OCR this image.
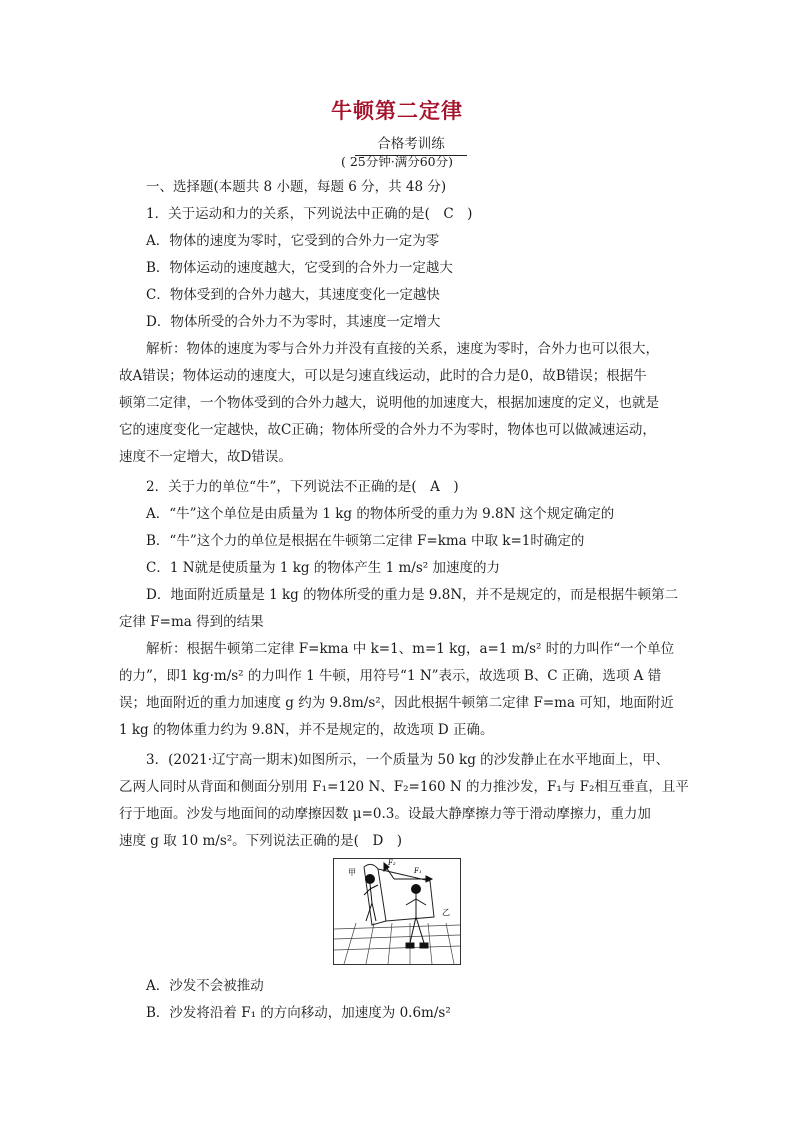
牛顿第二定律
合格考训练
( 25分钟·满分60分)
一、选择题(本题共 8 小题，每题 6 分，共 48 分)
1．关于运动和力的关系，下列说法中正确的是(　C　)
A．物体的速度为零时，它受到的合外力一定为零
B．物体运动的速度越大，它受到的合外力一定越大
C．物体受到的合外力越大，其速度变化一定越快
D．物体所受的合外力不为零时，其速度一定增大
解析：物体的速度为零与合外力并没有直接的关系，速度为零时，合外力也可以很大，
故A错误；物体运动的速度大，可以是匀速直线运动，此时的合力是0，故B错误；根据牛
顿第二定律，一个物体受到的合外力越大，说明他的加速度大，根据加速度的定义，也就是
它的速度变化一定越快，故C正确；物体所受的合外力不为零时，物体也可以做减速运动，
速度不一定增大，故D错误。
2．关于力的单位“牛”，下列说法不正确的是(　A　)
A．“牛”这个单位是由质量为 1 kg 的物体所受的重力为 9.8N 这个规定确定的
B．“牛”这个力的单位是根据在牛顿第二定律 F=kma 中取 k=1时确定的
C．1 N就是使质量为 1 kg 的物体产生 1 m/s² 加速度的力
D．地面附近质量是 1 kg 的物体所受的重力是 9.8N，并不是规定的，而是根据牛顿第二
定律 F=ma 得到的结果
解析：根据牛顿第二定律 F=kma 中 k=1、m=1 kg，a=1 m/s² 时的力叫作“一个单位
的力”，即1 kg·m/s² 的力叫作 1 牛顿，用符号“1 N”表示，故选项 B、C 正确，选项 A 错
误；地面附近的重力加速度 g 约为 9.8m/s²，因此根据牛顿第二定律 F=ma 可知，地面附近
1 kg 的物体重力约为 9.8N，并不是规定的，故选项 D 正确。
3．(2021·辽宁高一期末)如图所示，一个质量为 50 kg 的沙发静止在水平地面上，甲、
乙两人同时从背面和侧面分别用 F₁=120 N、F₂=160 N 的力推沙发，F₁与 F₂相互垂直，且平
行于地面。沙发与地面间的动摩擦因数 μ=0.3。设最大静摩擦力等于滑动摩擦力，重力加
速度 g 取 10 m/s²。下列说法正确的是(　D　)
甲
乙
F₁
F₂
A．沙发不会被推动
B．沙发将沿着 F₁ 的方向移动，加速度为 0.6m/s²
